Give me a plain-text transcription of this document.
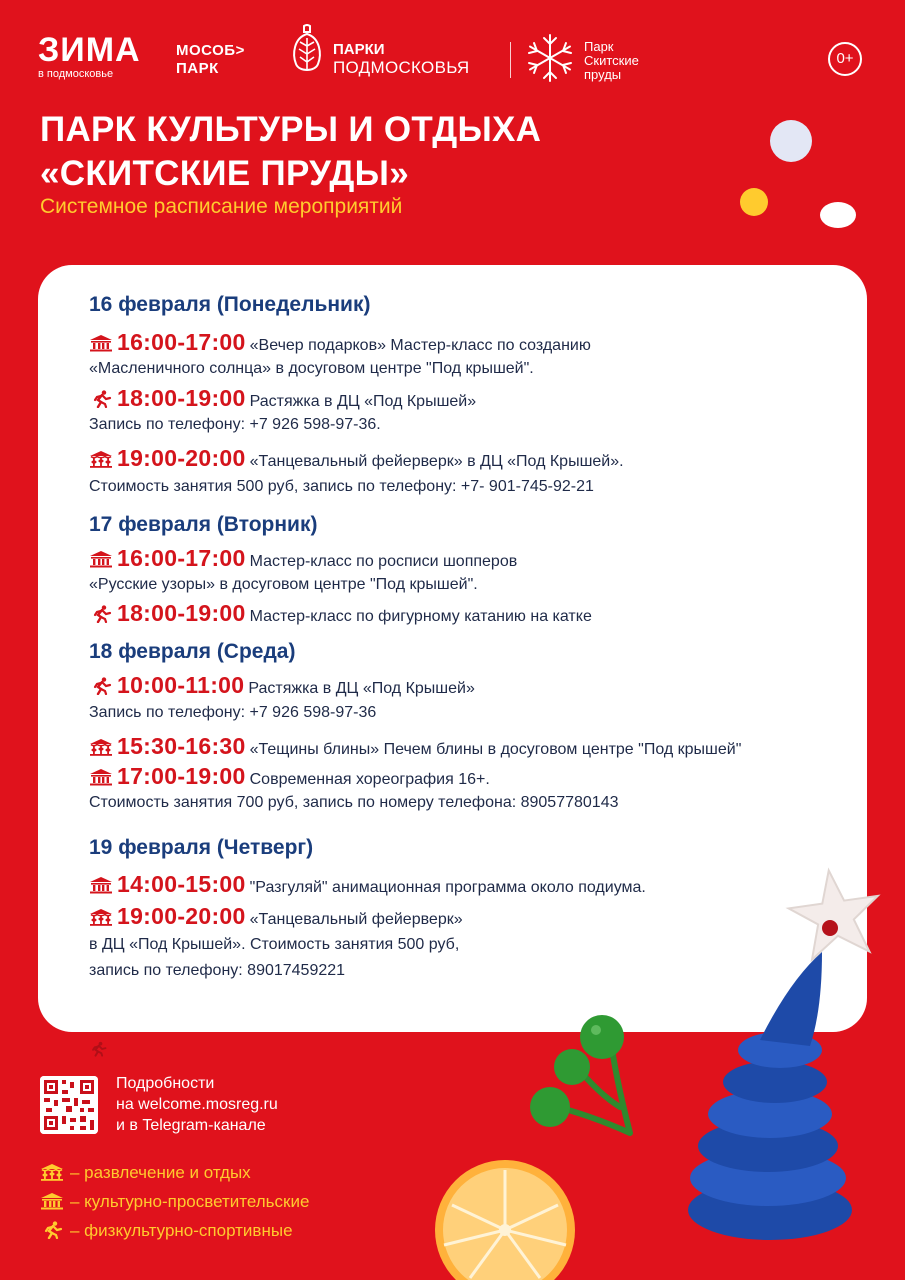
ЗИМА
в подмосковье
МОСОБ>
ПАРК
ПАРКИ
ПОДМОСКОВЬЯ
Парк
Скитские
пруды
0+
ПАРК КУЛЬТУРЫ И ОТДЫХА
«СКИТСКИЕ ПРУДЫ»
Системное расписание мероприятий
16 февраля (Понедельник)
16:00-17:00 «Вечер подарков» Мастер-класс по созданию
«Масленичного солнца» в досуговом центре "Под крышей".
18:00-19:00 Растяжка в ДЦ «Под Крышей»
Запись по телефону: +7 926 598-97-36.
19:00-20:00 «Танцевальный фейерверк» в ДЦ «Под Крышей».
Стоимость занятия 500 руб, запись по телефону: +7- 901-745-92-21
17 февраля (Вторник)
16:00-17:00 Мастер-класс по росписи шопперов
«Русские узоры» в досуговом центре "Под крышей".
18:00-19:00 Мастер-класс по фигурному катанию на катке
18 февраля (Среда)
10:00-11:00 Растяжка в ДЦ «Под Крышей»
Запись по телефону: +7 926 598-97-36
15:30-16:30 «Тещины блины» Печем блины в досуговом центре "Под крышей"
17:00-19:00 Современная хореография 16+.
Стоимость занятия 700 руб, запись по номеру телефона: 89057780143
19 февраля (Четверг)
14:00-15:00 "Разгуляй" анимационная программа около подиума.
19:00-20:00 «Танцевальный фейерверк»
в ДЦ «Под Крышей». Стоимость занятия 500 руб,
запись по телефону: 89017459221
Подробности
на welcome.mosreg.ru
и в Telegram-канале
– развлечение и отдых
– культурно-просветительские
– физкультурно-спортивные
